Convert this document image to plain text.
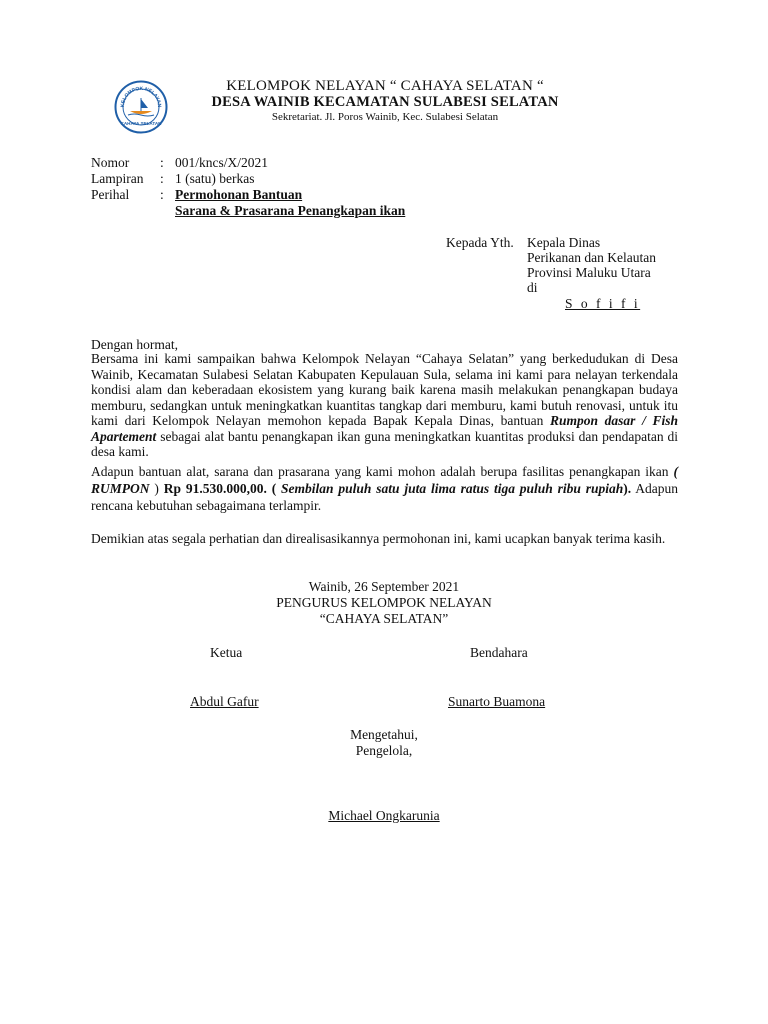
KELOMPOK NELAYAN
CAHAYA SELATAN
KELOMPOK NELAYAN “ CAHAYA SELATAN “
DESA WAINIB KECAMATAN SULABESI SELATAN
Sekretariat. Jl. Poros Wainib, Kec. Sulabesi Selatan
Nomor : 001/kncs/X/2021
Lampiran : 1 (satu) berkas
Perihal : Permohonan Bantuan
Sarana & Prasarana Penangkapan ikan
Kepada Yth. Kepala Dinas
Perikanan dan Kelautan
Provinsi Maluku Utara
di
S o f i f i
Dengan hormat,
Bersama ini kami sampaikan bahwa Kelompok Nelayan “Cahaya Selatan” yang berkedudukan di Desa Wainib, Kecamatan Sulabesi Selatan Kabupaten Kepulauan Sula, selama ini kami para nelayan terkendala kondisi alam dan keberadaan ekosistem yang kurang baik karena masih melakukan penangkapan budaya memburu, sedangkan untuk meningkatkan kuantitas tangkap dari memburu, kami butuh renovasi, untuk itu kami dari Kelompok Nelayan memohon kepada Bapak Kepala Dinas, bantuan Rumpon dasar / Fish Apartement sebagai alat bantu penangkapan ikan guna meningkatkan kuantitas produksi dan pendapatan di desa kami.
Adapun bantuan alat, sarana dan prasarana yang kami mohon adalah berupa fasilitas penangkapan ikan ( RUMPON ) Rp 91.530.000,00. ( Sembilan puluh satu juta lima ratus tiga puluh ribu rupiah). Adapun rencana kebutuhan sebagaimana terlampir.
Demikian atas segala perhatian dan direalisasikannya permohonan ini, kami ucapkan banyak terima kasih.
Wainib, 26 September 2021
PENGURUS KELOMPOK NELAYAN
“CAHAYA SELATAN”
Ketua	Bendahara
Abdul Gafur	Sunarto Buamona
Mengetahui,
Pengelola,
Michael Ongkarunia
